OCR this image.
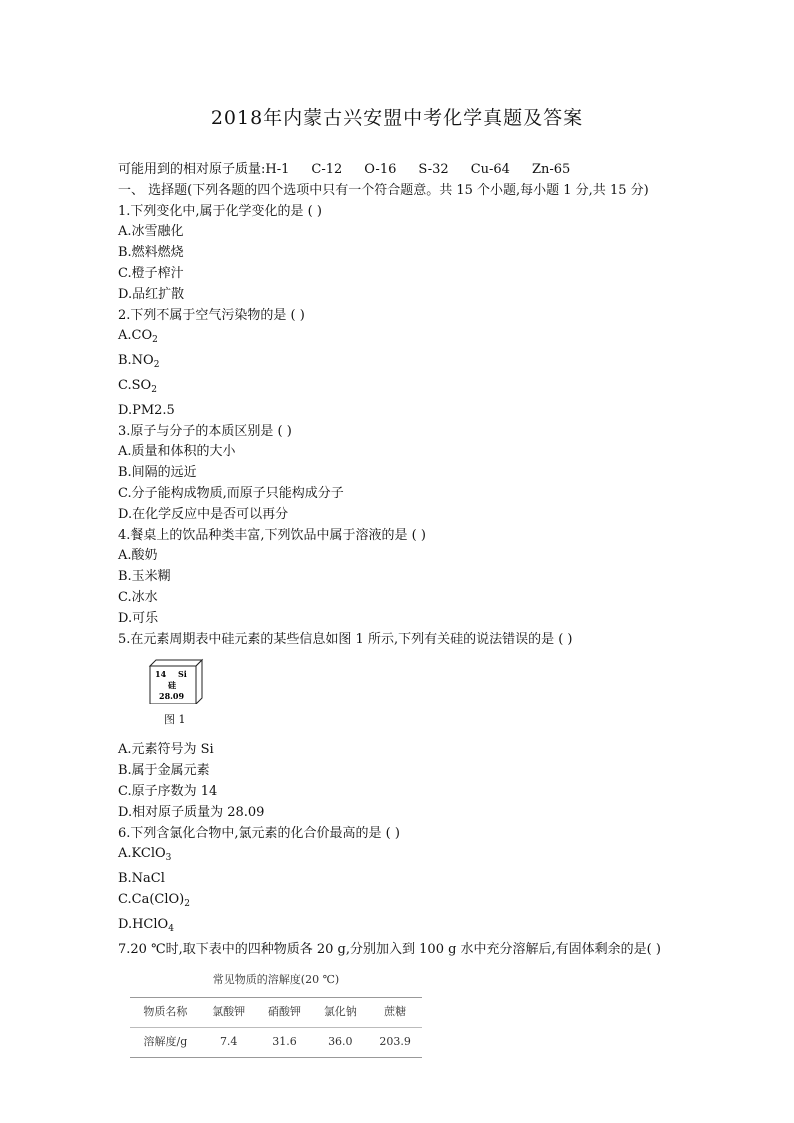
2018年内蒙古兴安盟中考化学真题及答案
可能用到的相对原子质量:H-1 C-12 O-16 S-32 Cu-64 Zn-65
一、 选择题(下列各题的四个选项中只有一个符合题意。共 15 个小题,每小题 1 分,共 15 分)
1.下列变化中,属于化学变化的是 ( )
A.冰雪融化
B.燃料燃烧
C.橙子榨汁
D.品红扩散
2.下列不属于空气污染物的是 ( )
$A.CO_2$
$B.NO_2$
$C.SO_2$
D.PM2.5
3.原子与分子的本质区别是 ( )
A.质量和体积的大小
B.间隔的远近
C.分子能构成物质,而原子只能构成分子
D.在化学反应中是否可以再分
4.餐桌上的饮品种类丰富,下列饮品中属于溶液的是 ( )
A.酸奶
B.玉米糊
C.冰水
D.可乐
5.在元素周期表中硅元素的某些信息如图 1 所示,下列有关硅的说法错误的是 ( )
14 Si
硅
28.09
图 1
A.元素符号为 Si
B.属于金属元素
C.原子序数为 14
D.相对原子质量为 28.09
6.下列含氯化合物中,氯元素的化合价最高的是 ( )
A.KClO$_3$
B.NaCl
$C.Ca(ClO)_2$
D.HClO$_4$
7.20 ℃时,取下表中的四种物质各 20 g,分别加入到 100 g 水中充分溶解后,有固体剩余的是( )
常见物质的溶解度(20 ℃)
物质名称	氯酸钾	硝酸钾	氯化钠	蔗糖
溶解度/g	7.4	31.6	36.0	203.9
